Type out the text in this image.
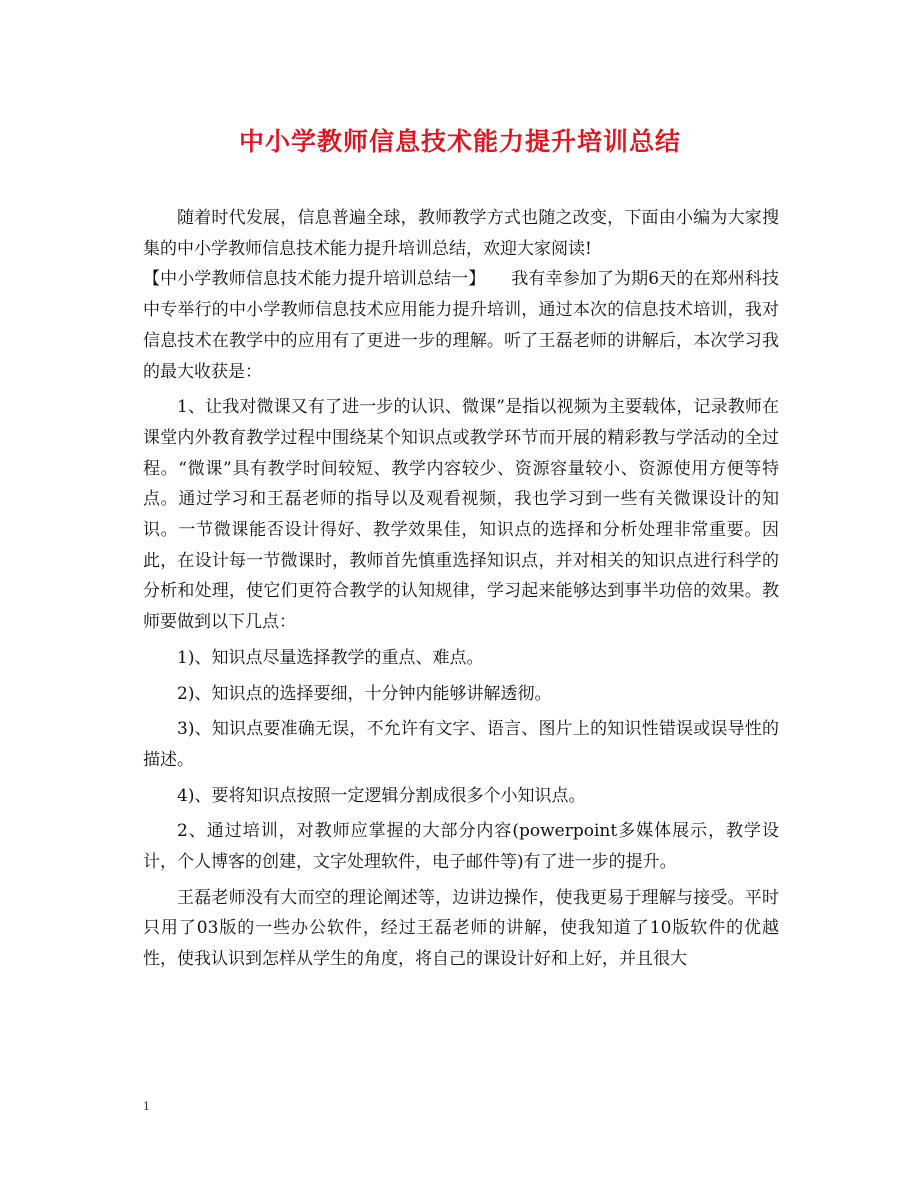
中小学教师信息技术能力提升培训总结

随着时代发展，信息普遍全球，教师教学方式也随之改变，下面由小编为大家搜集的中小学教师信息技术能力提升培训总结，欢迎大家阅读!

【中小学教师信息技术能力提升培训总结一】　　我有幸参加了为期6天的在郑州科技中专举行的中小学教师信息技术应用能力提升培训，通过本次的信息技术培训，我对信息技术在教学中的应用有了更进一步的理解。听了王磊老师的讲解后，本次学习我的最大收获是：

1、让我对微课又有了进一步的认识、微课”是指以视频为主要载体，记录教师在课堂内外教育教学过程中围绕某个知识点或教学环节而开展的精彩教与学活动的全过程。“微课”具有教学时间较短、教学内容较少、资源容量较小、资源使用方便等特点。通过学习和王磊老师的指导以及观看视频，我也学习到一些有关微课设计的知识。一节微课能否设计得好、教学效果佳，知识点的选择和分析处理非常重要。因此，在设计每一节微课时，教师首先慎重选择知识点，并对相关的知识点进行科学的分析和处理，使它们更符合教学的认知规律，学习起来能够达到事半功倍的效果。教师要做到以下几点：

1)、知识点尽量选择教学的重点、难点。

2)、知识点的选择要细，十分钟内能够讲解透彻。

3)、知识点要准确无误，不允许有文字、语言、图片上的知识性错误或误导性的描述。

4)、要将知识点按照一定逻辑分割成很多个小知识点。

2、通过培训，对教师应掌握的大部分内容(powerpoint多媒体展示，教学设计，个人博客的创建，文字处理软件，电子邮件等)有了进一步的提升。

王磊老师没有大而空的理论阐述等，边讲边操作，使我更易于理解与接受。平时只用了03版的一些办公软件，经过王磊老师的讲解，使我知道了10版软件的优越性，使我认识到怎样从学生的角度，将自己的课设计好和上好，并且很大

1
